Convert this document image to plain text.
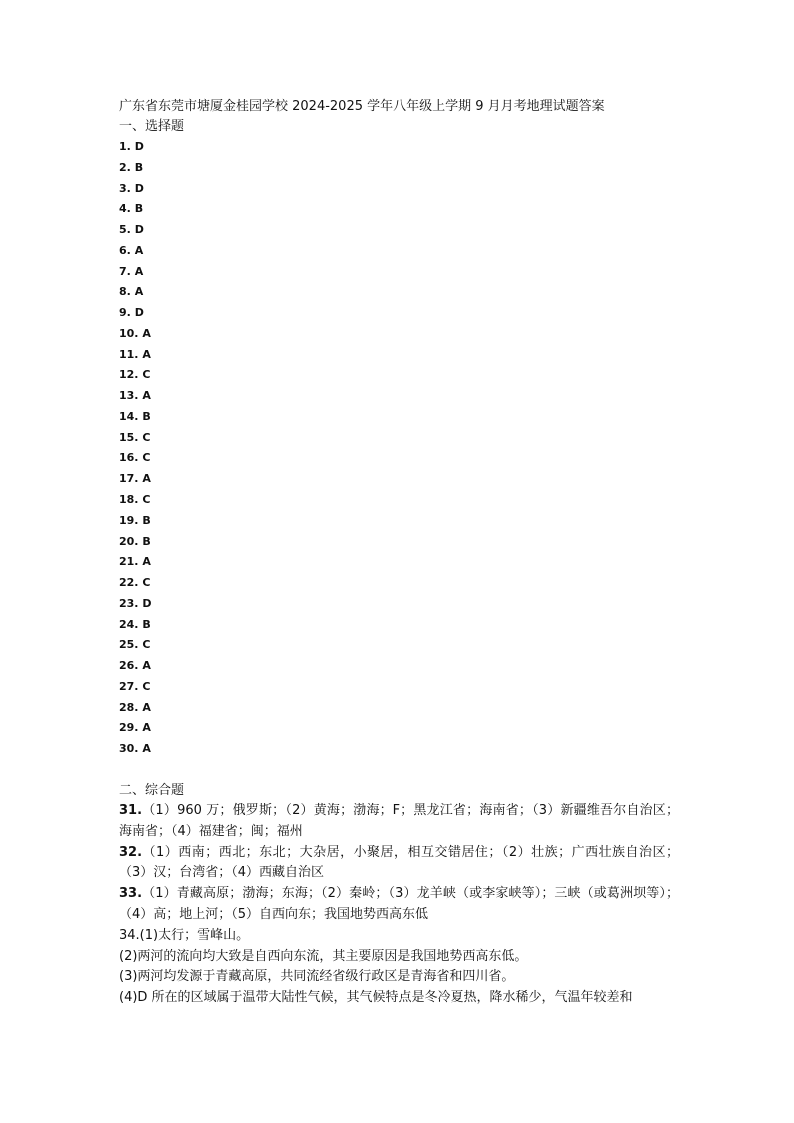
广东省东莞市塘厦金桂园学校 2024-2025 学年八年级上学期 9 月月考地理试题答案
一、选择题
1. D
2. B
3. D
4. B
5. D
6. A
7. A
8. A
9. D
10. A
11. A
12. C
13. A
14. B
15. C
16. C
17. A
18. C
19. B
20. B
21. A
22. C
23. D
24. B
25. C
26. A
27. C
28. A
29. A
30. A
二、综合题

31.（1）960 万；俄罗斯；（2）黄海；渤海；F；黑龙江省；海南省；（3）新疆维吾尔自治区；海南省；（4）福建省；闽；福州

32.（1）西南；西北；东北；大杂居，小聚居，相互交错居住；（2）壮族；广西壮族自治区；（3）汉；台湾省；（4）西藏自治区

33.（1）青藏高原；渤海；东海；（2）秦岭；（3）龙羊峡（或李家峡等）；三峡（或葛洲坝等）；（4）高；地上河；（5）自西向东；我国地势西高东低

34.(1)太行；雪峰山。

(2)两河的流向均大致是自西向东流，其主要原因是我国地势西高东低。

(3)两河均发源于青藏高原，共同流经省级行政区是青海省和四川省。

(4)D 所在的区域属于温带大陆性气候，其气候特点是冬冷夏热，降水稀少，气温年较差和
